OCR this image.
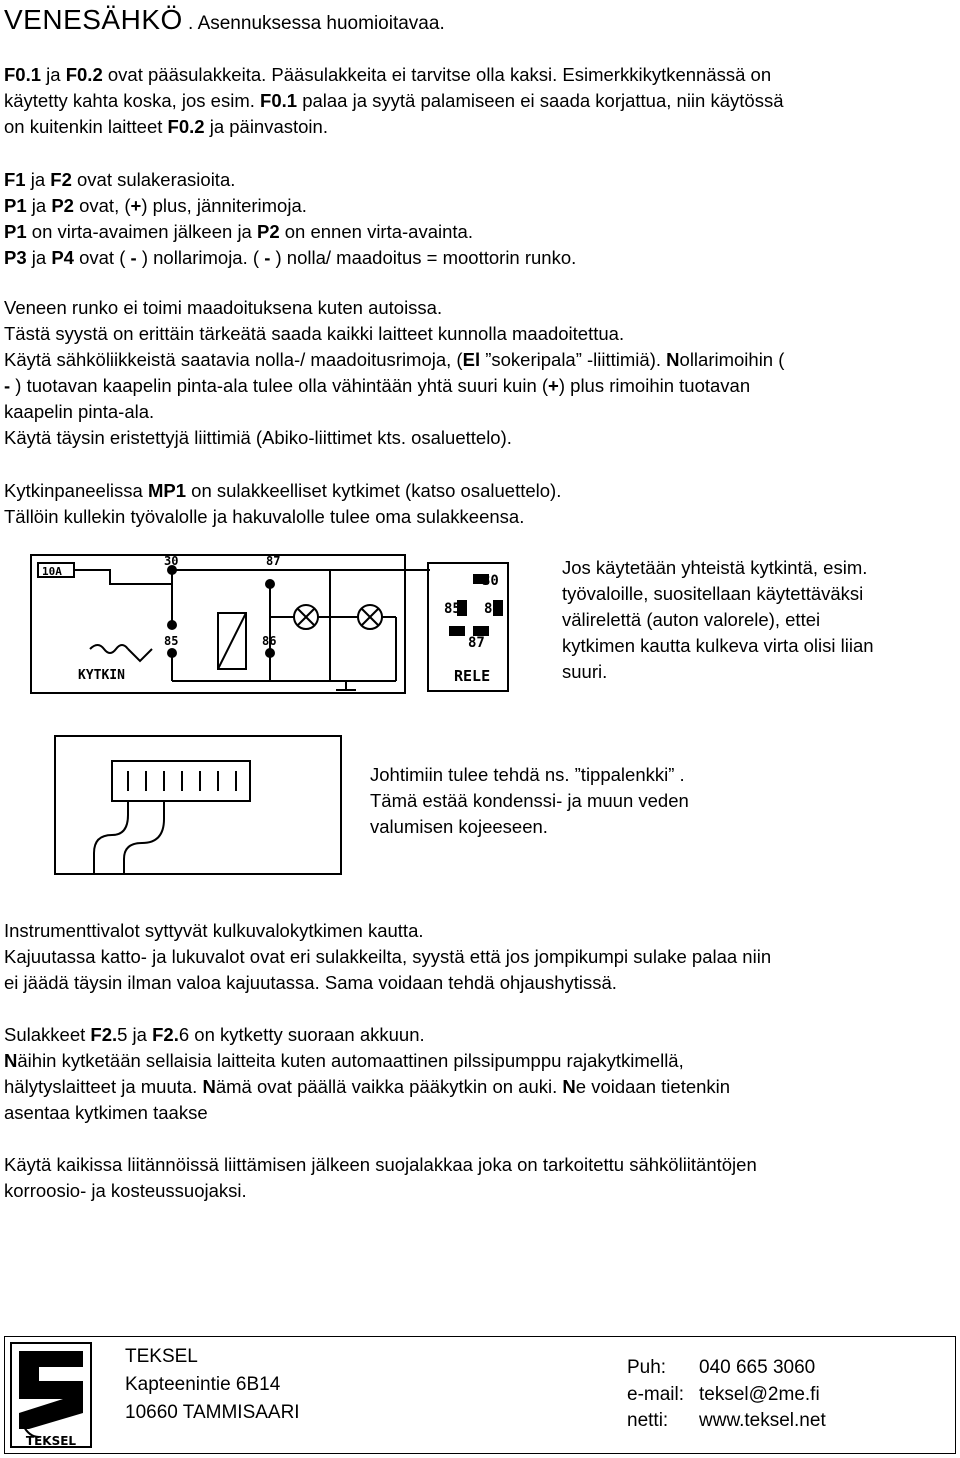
VENESÄHKÖ . Asennuksessa huomioitavaa.

F0.1 ja F0.2 ovat pääsulakkeita. Pääsulakkeita ei tarvitse olla kaksi. Esimerkkikytkennässä on

käytetty kahta koska, jos esim. F0.1 palaa ja syytä palamiseen ei saada korjattua, niin käytössä

on kuitenkin laitteet F0.2 ja päinvastoin.

F1 ja F2 ovat sulakerasioita.

P1 ja P2 ovat, (+) plus, jänniterimoja.

P1 on virta-avaimen jälkeen ja P2 on ennen virta-avainta.

P3 ja P4 ovat ( - ) nollarimoja. ( - ) nolla/ maadoitus = moottorin runko.

Veneen runko ei toimi maadoituksena kuten autoissa.

Tästä syystä on erittäin tärkeätä saada kaikki laitteet kunnolla maadoitettua.

Käytä sähköliikkeistä saatavia nolla-/ maadoitusrimoja, (El ”sokeripala” -liittimiä). Nollarimoihin (

- ) tuotavan kaapelin pinta-ala tulee olla vähintään yhtä suuri kuin (+) plus rimoihin tuotavan

kaapelin pinta-ala.

Käytä täysin eristettyjä liittimiä (Abiko-liittimet kts. osaluettelo).

Kytkinpaneelissa MP1 on sulakkeelliset kytkimet (katso osaluettelo).

Tällöin kullekin työvalolle ja hakuvalolle tulee oma sulakkeensa.

10A
30	87
85	86
KYTKIN
30
85 86
87
RELE
Jos käytetään yhteistä kytkintä, esim.
työvaloille, suositellaan käytettäväksi
välirelettä (auton valorele), ettei
kytkimen kautta kulkeva virta olisi liian
suuri.
Johtimiin tulee tehdä ns. ”tippalenkki” .
Tämä estää kondenssi- ja muun veden
valumisen kojeeseen.

Instrumenttivalot syttyvät kulkuvalokytkimen kautta.

Kajuutassa katto- ja lukuvalot ovat eri sulakkeilta, syystä että jos jompikumpi sulake palaa niin

ei jäädä täysin ilman valoa kajuutassa. Sama voidaan tehdä ohjaushytissä.

Sulakkeet F2.5 ja F2.6 on kytketty suoraan akkuun.

Näihin kytketään sellaisia laitteita kuten automaattinen pilssipumppu rajakytkimellä,

hälytyslaitteet ja muuta. Nämä ovat päällä vaikka pääkytkin on auki. Ne voidaan tietenkin

asentaa kytkimen taakse

Käytä kaikissa liitännöissä liittämisen jälkeen suojalakkaa joka on tarkoitettu sähköliitäntöjen

korroosio- ja kosteussuojaksi.

TEKSEL
TEKSEL
Kapteenintie 6B14
10660 TAMMISAARI
Puh: 040 665 3060
e-mail: teksel@2me.fi
netti: www.teksel.net
